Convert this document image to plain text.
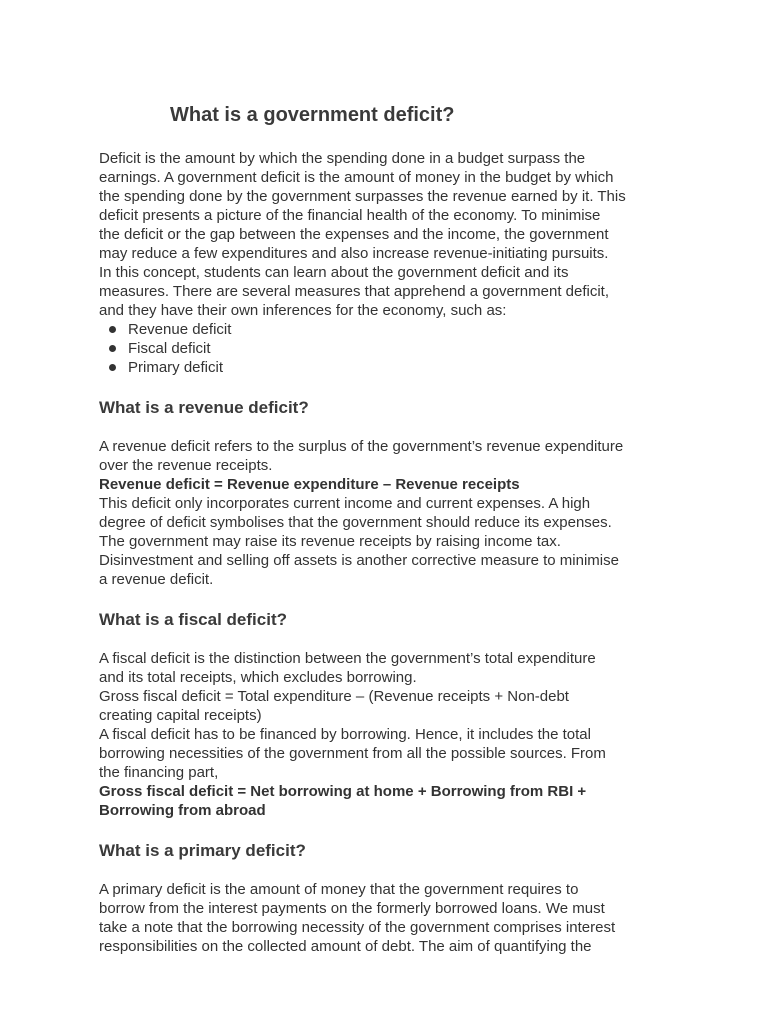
What is a government deficit?

Deficit is the amount by which the spending done in a budget surpass the
earnings. A government deficit is the amount of money in the budget by which
the spending done by the government surpasses the revenue earned by it. This
deficit presents a picture of the financial health of the economy. To minimise
the deficit or the gap between the expenses and the income, the government
may reduce a few expenditures and also increase revenue-initiating pursuits.
In this concept, students can learn about the government deficit and its
measures. There are several measures that apprehend a government deficit,
and they have their own inferences for the economy, such as:

Revenue deficit
Fiscal deficit
Primary deficit
What is a revenue deficit?

A revenue deficit refers to the surplus of the government’s revenue expenditure
over the revenue receipts.

Revenue deficit = Revenue expenditure – Revenue receipts

This deficit only incorporates current income and current expenses. A high
degree of deficit symbolises that the government should reduce its expenses.
The government may raise its revenue receipts by raising income tax.
Disinvestment and selling off assets is another corrective measure to minimise
a revenue deficit.

What is a fiscal deficit?

A fiscal deficit is the distinction between the government’s total expenditure
and its total receipts, which excludes borrowing.
Gross fiscal deficit = Total expenditure – (Revenue receipts + Non-debt
creating capital receipts)
A fiscal deficit has to be financed by borrowing. Hence, it includes the total
borrowing necessities of the government from all the possible sources. From
the financing part,

Gross fiscal deficit = Net borrowing at home + Borrowing from RBI +
Borrowing from abroad

What is a primary deficit?

A primary deficit is the amount of money that the government requires to
borrow from the interest payments on the formerly borrowed loans. We must
take a note that the borrowing necessity of the government comprises interest
responsibilities on the collected amount of debt. The aim of quantifying the
